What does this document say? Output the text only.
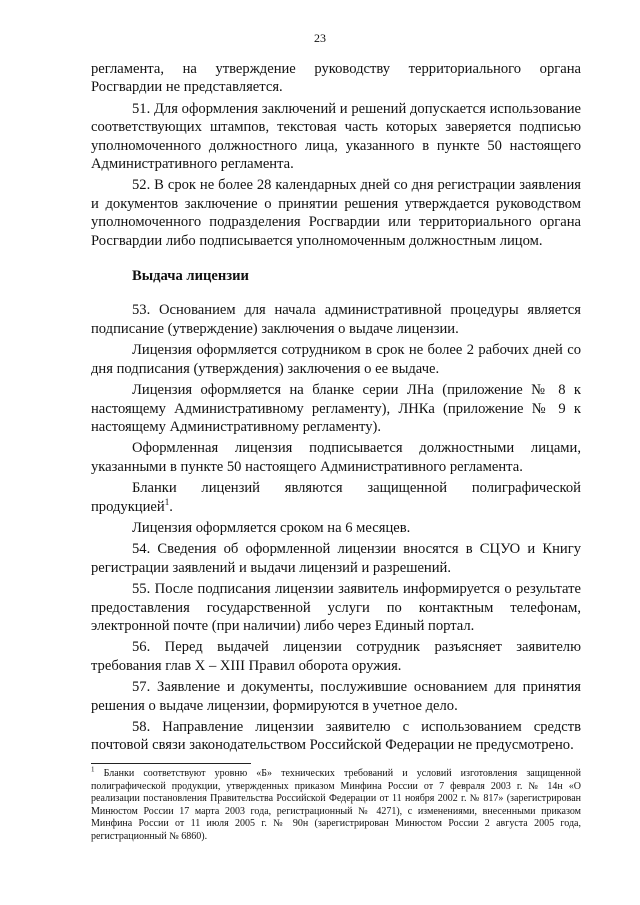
23

регламента, на утверждение руководству территориального органа Росгвардии не представляется.

51. Для оформления заключений и решений допускается использование соответствующих штампов, текстовая часть которых заверяется подписью уполномоченного должностного лица, указанного в пункте 50 настоящего Административного регламента.

52. В срок не более 28 календарных дней со дня регистрации заявления и документов заключение о принятии решения утверждается руководством уполномоченного подразделения Росгвардии или территориального органа Росгвардии либо подписывается уполномоченным должностным лицом.

Выдача лицензии

53. Основанием для начала административной процедуры является подписание (утверждение) заключения о выдаче лицензии.

Лицензия оформляется сотрудником в срок не более 2 рабочих дней со дня подписания (утверждения) заключения о ее выдаче.

Лицензия оформляется на бланке серии ЛНа (приложение № 8 к настоящему Административному регламенту), ЛНКа (приложение № 9 к настоящему Административному регламенту).

Оформленная лицензия подписывается должностными лицами, указанными в пункте 50 настоящего Административного регламента.

Бланки лицензий являются защищенной полиграфической продукцией$^1$.

Лицензия оформляется сроком на 6 месяцев.

54. Сведения об оформленной лицензии вносятся в СЦУО и Книгу регистрации заявлений и выдачи лицензий и разрешений.

55. После подписания лицензии заявитель информируется о результате предоставления государственной услуги по контактным телефонам, электронной почте (при наличии) либо через Единый портал.

56. Перед выдачей лицензии сотрудник разъясняет заявителю требования глав X – XIII Правил оборота оружия.

57. Заявление и документы, послужившие основанием для принятия решения о выдаче лицензии, формируются в учетное дело.

58. Направление лицензии заявителю с использованием средств почтовой связи законодательством Российской Федерации не предусмотрено.

$^1$ Бланки соответствуют уровню «Б» технических требований и условий изготовления защищенной полиграфической продукции, утвержденных приказом Минфина России от 7 февраля 2003 г. № 14н «О реализации постановления Правительства Российской Федерации от 11 ноября 2002 г. № 817» (зарегистрирован Минюстом России 17 марта 2003 года, регистрационный № 4271), с изменениями, внесенными приказом Минфина России от 11 июля 2005 г. № 90н (зарегистрирован Минюстом России 2 августа 2005 года, регистрационный № 6860).
